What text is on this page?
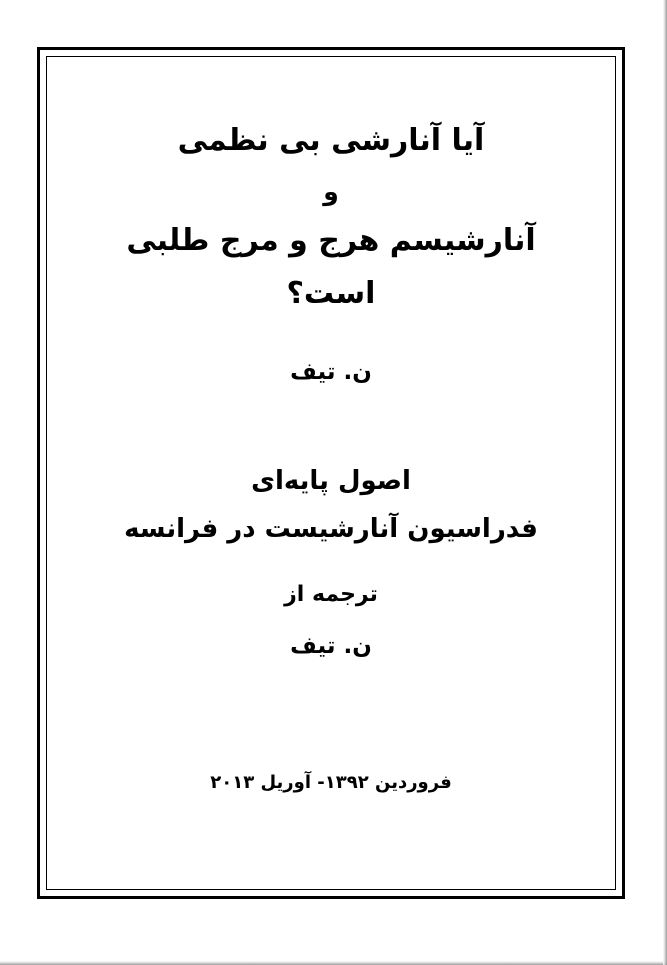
آیا آنارشی بی نظمی
و
آنارشیسم هرج و مرج طلبی است؟
ن. تیف
اصول پایه‌ای
فدراسیون آنارشیست در فرانسه
ترجمه از
ن. تیف
فروردین ۱۳۹۲- آوریل ۲۰۱۳
